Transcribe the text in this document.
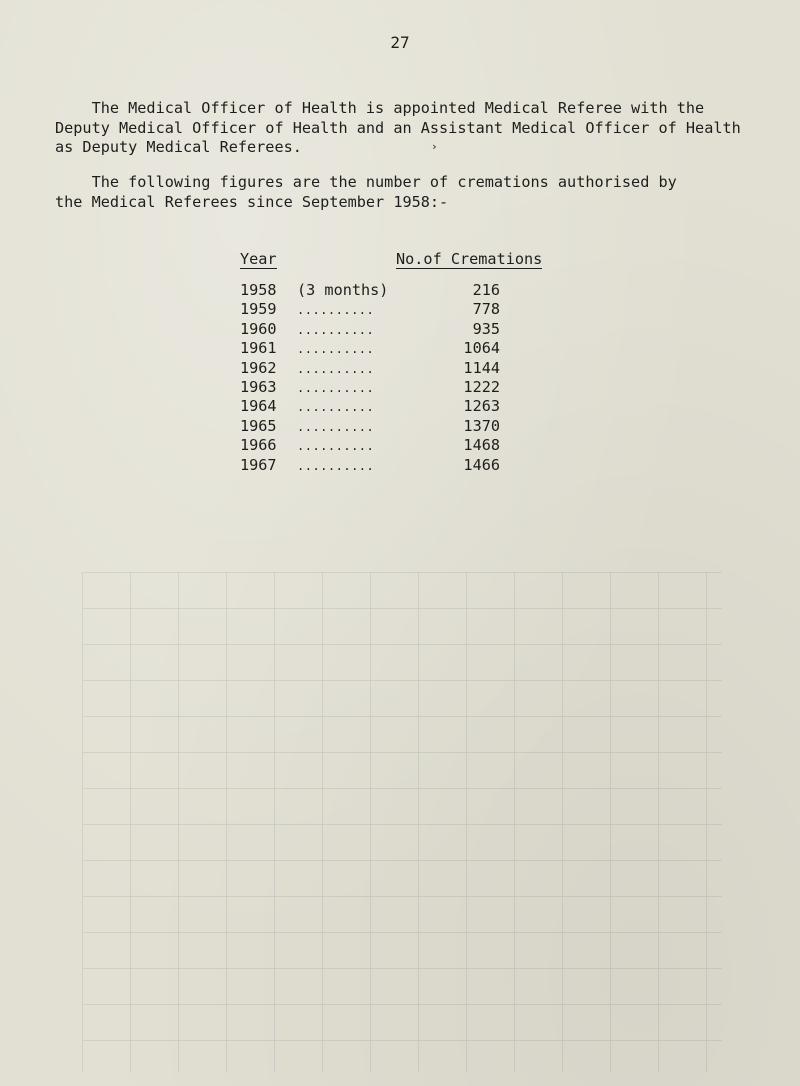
27
The Medical Officer of Health is appointed Medical Referee with the
Deputy Medical Officer of Health and an Assistant Medical Officer of Health
as Deputy Medical Referees.	›
The following figures are the number of cremations authorised by
the Medical Referees since September 1958:-
Year	No.of Cremations
1958 (3 months)	216
1959 ..........	778
1960 ..........	935
1961 ..........	1064
1962 ..........	1144
1963 ..........	1222
1964 ..........	1263
1965 ..........	1370
1966 ..........	1468
1967 ..........	1466
